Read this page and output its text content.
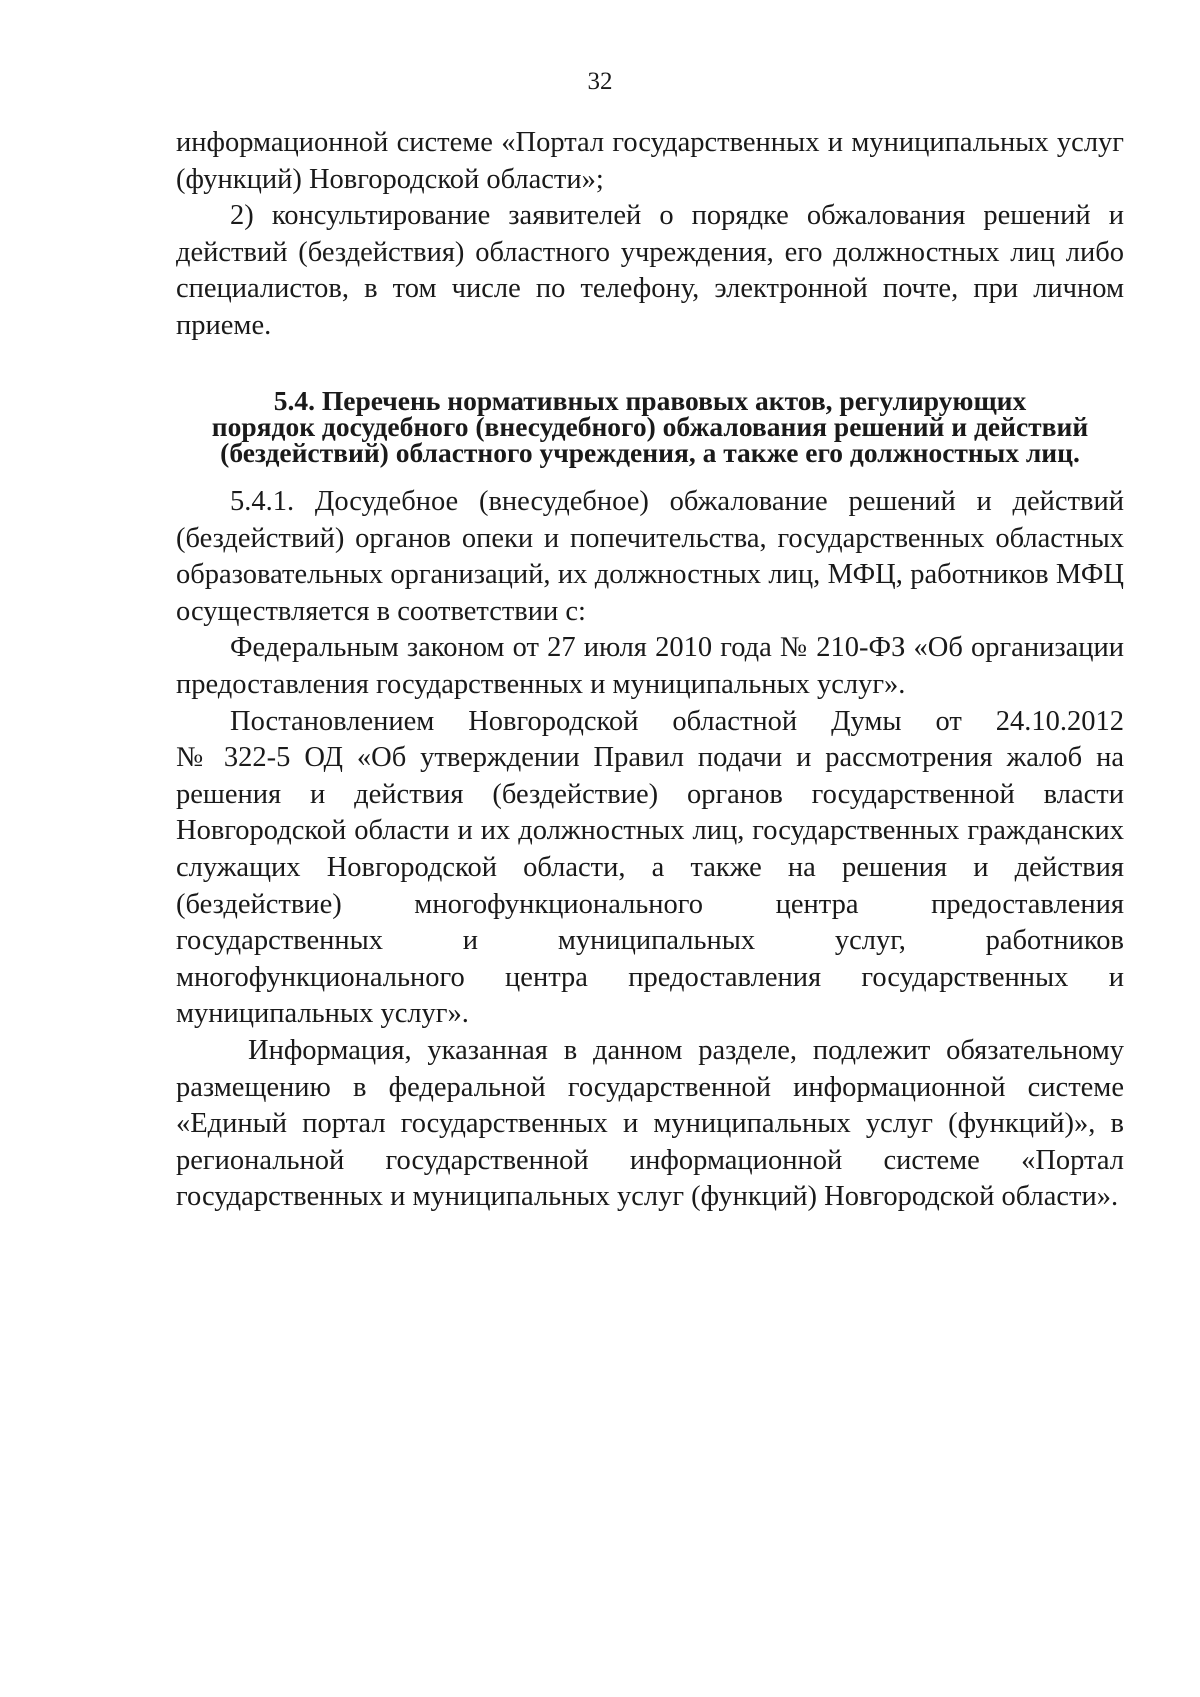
32

информационной системе «Портал государственных и муниципальных услуг (функций) Новгородской области»;

2) консультирование заявителей о порядке обжалования решений и действий (бездействия) областного учреждения, его должностных лиц либо специалистов, в том числе по телефону, электронной почте, при личном приеме.

5.4. Перечень нормативных правовых актов, регулирующих

порядок досудебного (внесудебного) обжалования решений и действий

(бездействий) областного учреждения, а также его должностных лиц.

5.4.1. Досудебное (внесудебное) обжалование решений и действий (бездействий) органов опеки и попечительства, государственных областных образовательных организаций, их должностных лиц, МФЦ, работников МФЦ осуществляется в соответствии с:

Федеральным законом от 27 июля 2010 года № 210-ФЗ «Об организации предоставления государственных и муниципальных услуг».

Постановлением Новгородской областной Думы от 24.10.2012

№ 322-5 ОД «Об утверждении Правил подачи и рассмотрения жалоб на решения и действия (бездействие) органов государственной власти Новгородской области и их должностных лиц, государственных гражданских служащих Новгородской области, а также на решения и действия (бездействие) многофункционального центра предоставления государственных и муниципальных услуг, работников многофункционального центра предоставления государственных и муниципальных услуг».

Информация, указанная в данном разделе, подлежит обязательному размещению в федеральной государственной информационной системе «Единый портал государственных и муниципальных услуг (функций)», в региональной государственной информационной системе «Портал государственных и муниципальных услуг (функций) Новгородской области».
